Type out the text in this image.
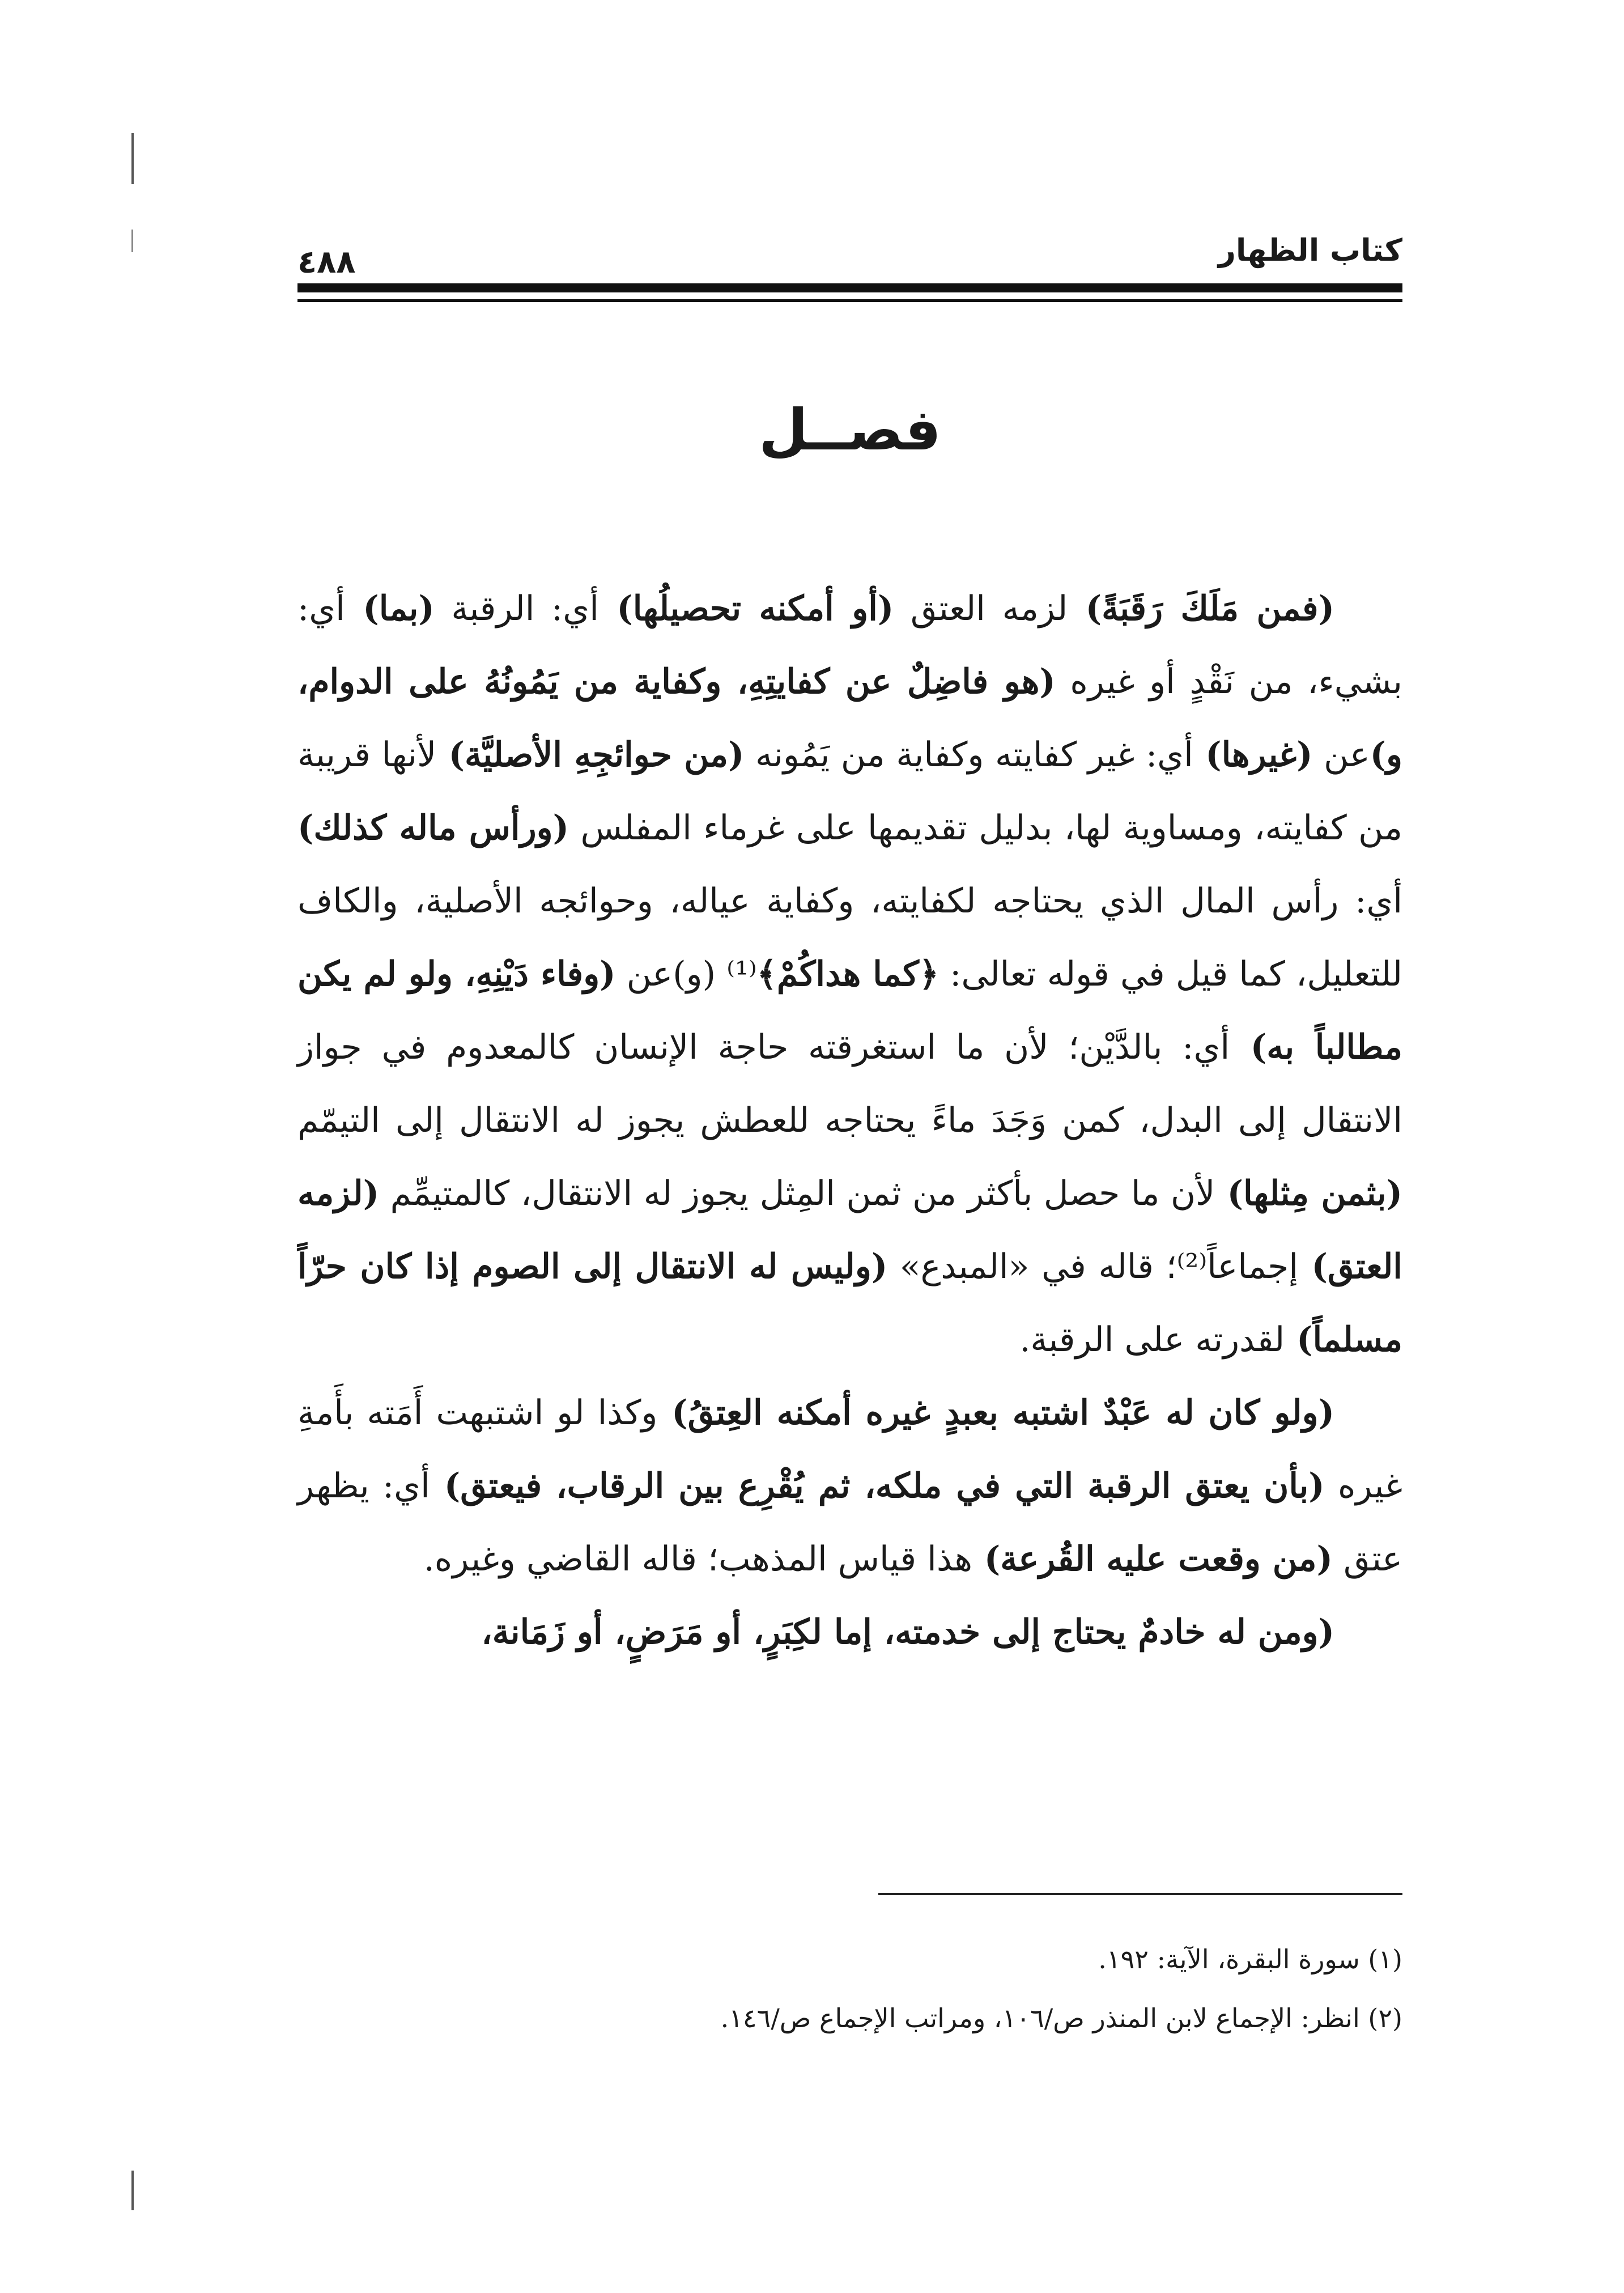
كتاب الظهار
٤٨٨
فصــل

(فمن مَلَكَ رَقَبَةً) لزمه العتق (أو أمكنه تحصيلُها) أي: الرقبة (بما) أي: بشيء، من نَقْدٍ أو غيره (هو فاضِلٌ عن كفايتِهِ، وكفاية من يَمُونُهُ على الدوام، و)عن (غيرها) أي: غير كفايته وكفاية من يَمُونه (من حوائجِهِ الأصليَّة) لأنها قريبة من كفايته، ومساوية لها، بدليل تقديمها على غرماء المفلس (ورأس ماله كذلك) أي: رأس المال الذي يحتاجه لكفايته، وكفاية عياله، وحوائجه الأصلية، والكاف للتعليل، كما قيل في قوله تعالى: ﴿كما هداكُمْ﴾⁽¹⁾ (و)عن (وفاء دَيْنِهِ، ولو لم يكن مطالباً به) أي: بالدَّيْن؛ لأن ما استغرقته حاجة الإنسان كالمعدوم في جواز الانتقال إلى البدل، كمن وَجَدَ ماءً يحتاجه للعطش يجوز له الانتقال إلى التيمّم (بثمن مِثلها) لأن ما حصل بأكثر من ثمن المِثل يجوز له الانتقال، كالمتيمِّم (لزمه العتق) إجماعاً⁽²⁾؛ قاله في «المبدع» (وليس له الانتقال إلى الصوم إذا كان حرّاً مسلماً) لقدرته على الرقبة.

(ولو كان له عَبْدٌ اشتبه بعبدٍ غيره أمكنه العِتقُ) وكذا لو اشتبهت أَمَته بأَمةِ غيره (بأن يعتق الرقبة التي في ملكه، ثم يُقْرِع بين الرقاب، فيعتق) أي: يظهر عتق (من وقعت عليه القُرعة) هذا قياس المذهب؛ قاله القاضي وغيره.

(ومن له خادمٌ يحتاج إلى خدمته، إما لكِبَرٍ، أو مَرَضٍ، أو زَمَانة،

(١) سورة البقرة، الآية: ١٩٢.
(٢) انظر: الإجماع لابن المنذر ص/١٠٦، ومراتب الإجماع ص/١٤٦.
